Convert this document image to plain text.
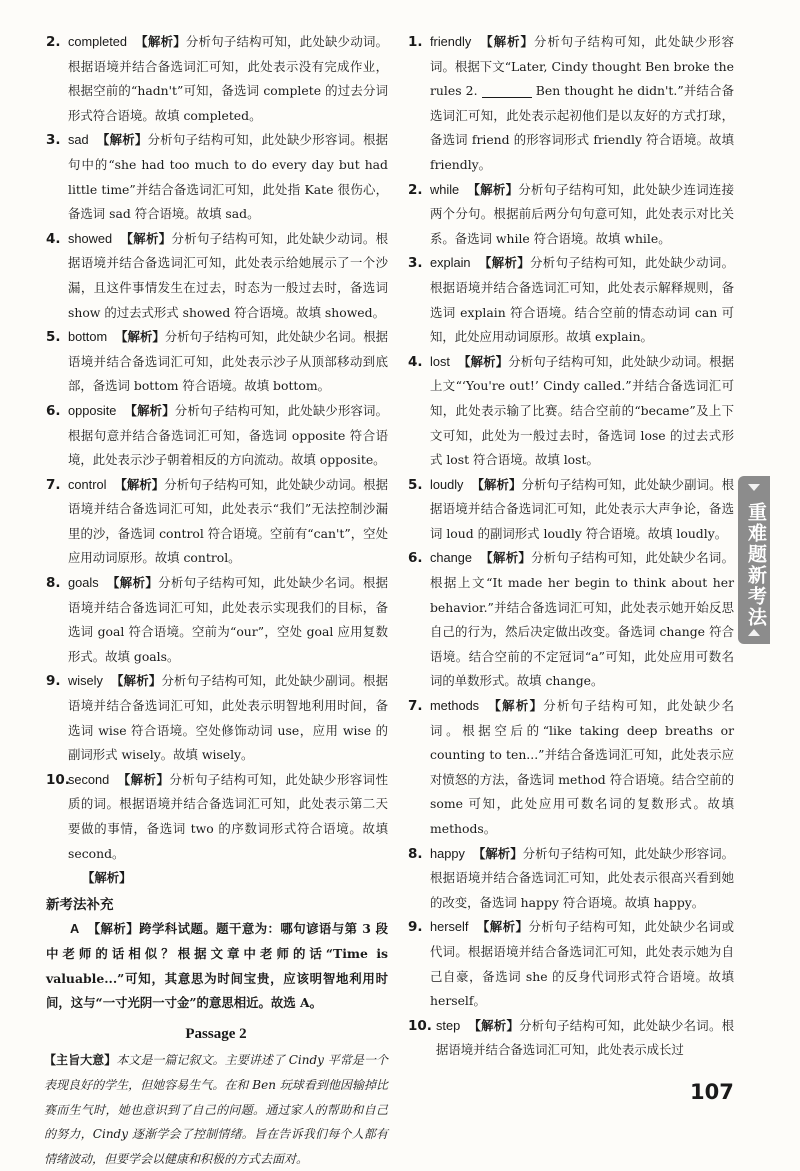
2. completed 【解析】分析句子结构可知，此处缺少动词。根据语境并结合备选词汇可知，此处表示没有完成作业，根据空前的“hadn't”可知，备选词 complete 的过去分词形式符合语境。故填 completed。
3. sad 【解析】分析句子结构可知，此处缺少形容词。根据句中的“she had too much to do every day but had little time”并结合备选词汇可知，此处指 Kate 很伤心，备选词 sad 符合语境。故填 sad。
4. showed 【解析】分析句子结构可知，此处缺少动词。根据语境并结合备选词汇可知，此处表示给她展示了一个沙漏，且这件事情发生在过去，时态为一般过去时，备选词 show 的过去式形式 showed 符合语境。故填 showed。
5. bottom 【解析】分析句子结构可知，此处缺少名词。根据语境并结合备选词汇可知，此处表示沙子从顶部移动到底部，备选词 bottom 符合语境。故填 bottom。
6. opposite 【解析】分析句子结构可知，此处缺少形容词。根据句意并结合备选词汇可知，备选词 opposite 符合语境，此处表示沙子朝着相反的方向流动。故填 opposite。
7. control 【解析】分析句子结构可知，此处缺少动词。根据语境并结合备选词汇可知，此处表示“我们”无法控制沙漏里的沙，备选词 control 符合语境。空前有“can't”，空处应用动词原形。故填 control。
8. goals 【解析】分析句子结构可知，此处缺少名词。根据语境并结合备选词汇可知，此处表示实现我们的目标，备选词 goal 符合语境。空前为“our”，空处 goal 应用复数形式。故填 goals。
9. wisely 【解析】分析句子结构可知，此处缺少副词。根据语境并结合备选词汇可知，此处表示明智地利用时间，备选词 wise 符合语境。空处修饰动词 use，应用 wise 的副词形式 wisely。故填 wisely。
10.
second 【解析】分析句子结构可知，此处缺少形容词性质的词。根据语境并结合备选词汇可知，此处表示第二天要做的事情，备选词 two 的序数词形式符合语境。故填 second。
【解析】
新考法补充

A 【解析】跨学科试题。题干意为：哪句谚语与第 3 段中老师的话相似？根据文章中老师的话“Time is valuable...”可知，其意思为时间宝贵，应该明智地利用时间，这与“一寸光阴一寸金”的意思相近。故选 A。

Passage 2

【主旨大意】本文是一篇记叙文。主要讲述了 Cindy 平常是一个表现良好的学生，但她容易生气。在和 Ben 玩球看到他因输掉比赛而生气时，她也意识到了自己的问题。通过家人的帮助和自己的努力，Cindy 逐渐学会了控制情绪。旨在告诉我们每个人都有情绪波动，但要学会以健康和积极的方式去面对。

1. friendly 【解析】分析句子结构可知，此处缺少形容词。根据下文“Later, Cindy thought Ben broke the rules 2.	Ben thought he didn't.”并结合备选词汇可知，此处表示起初他们是以友好的方式打球，备选词 friend 的形容词形式 friendly 符合语境。故填 friendly。
2. while 【解析】分析句子结构可知，此处缺少连词连接两个分句。根据前后两分句句意可知，此处表示对比关系。备选词 while 符合语境。故填 while。
3. explain 【解析】分析句子结构可知，此处缺少动词。根据语境并结合备选词汇可知，此处表示解释规则，备选词 explain 符合语境。结合空前的情态动词 can 可知，此处应用动词原形。故填 explain。
4. lost 【解析】分析句子结构可知，此处缺少动词。根据上文“‘You're out!’ Cindy called.”并结合备选词汇可知，此处表示输了比赛。结合空前的“became”及上下文可知，此处为一般过去时，备选词 lose 的过去式形式 lost 符合语境。故填 lost。
5. loudly 【解析】分析句子结构可知，此处缺少副词。根据语境并结合备选词汇可知，此处表示大声争论，备选词 loud 的副词形式 loudly 符合语境。故填 loudly。
6. change 【解析】分析句子结构可知，此处缺少名词。根据上文“It made her begin to think about her behavior.”并结合备选词汇可知，此处表示她开始反思自己的行为，然后决定做出改变。备选词 change 符合语境。结合空前的不定冠词“a”可知，此处应用可数名词的单数形式。故填 change。
7. methods 【解析】分析句子结构可知，此处缺少名词。根据空后的“like taking deep breaths or counting to ten...”并结合备选词汇可知，此处表示应对愤怒的方法，备选词 method 符合语境。结合空前的 some 可知，此处应用可数名词的复数形式。故填 methods。
8. happy 【解析】分析句子结构可知，此处缺少形容词。根据语境并结合备选词汇可知，此处表示很高兴看到她的改变，备选词 happy 符合语境。故填 happy。
9. herself 【解析】分析句子结构可知，此处缺少名词或代词。根据语境并结合备选词汇可知，此处表示她为自己自豪，备选词 she 的反身代词形式符合语境。故填 herself。
10. step 【解析】分析句子结构可知，此处缺少名词。根据语境并结合备选词汇可知，此处表示成长过
重难题新考法
107
